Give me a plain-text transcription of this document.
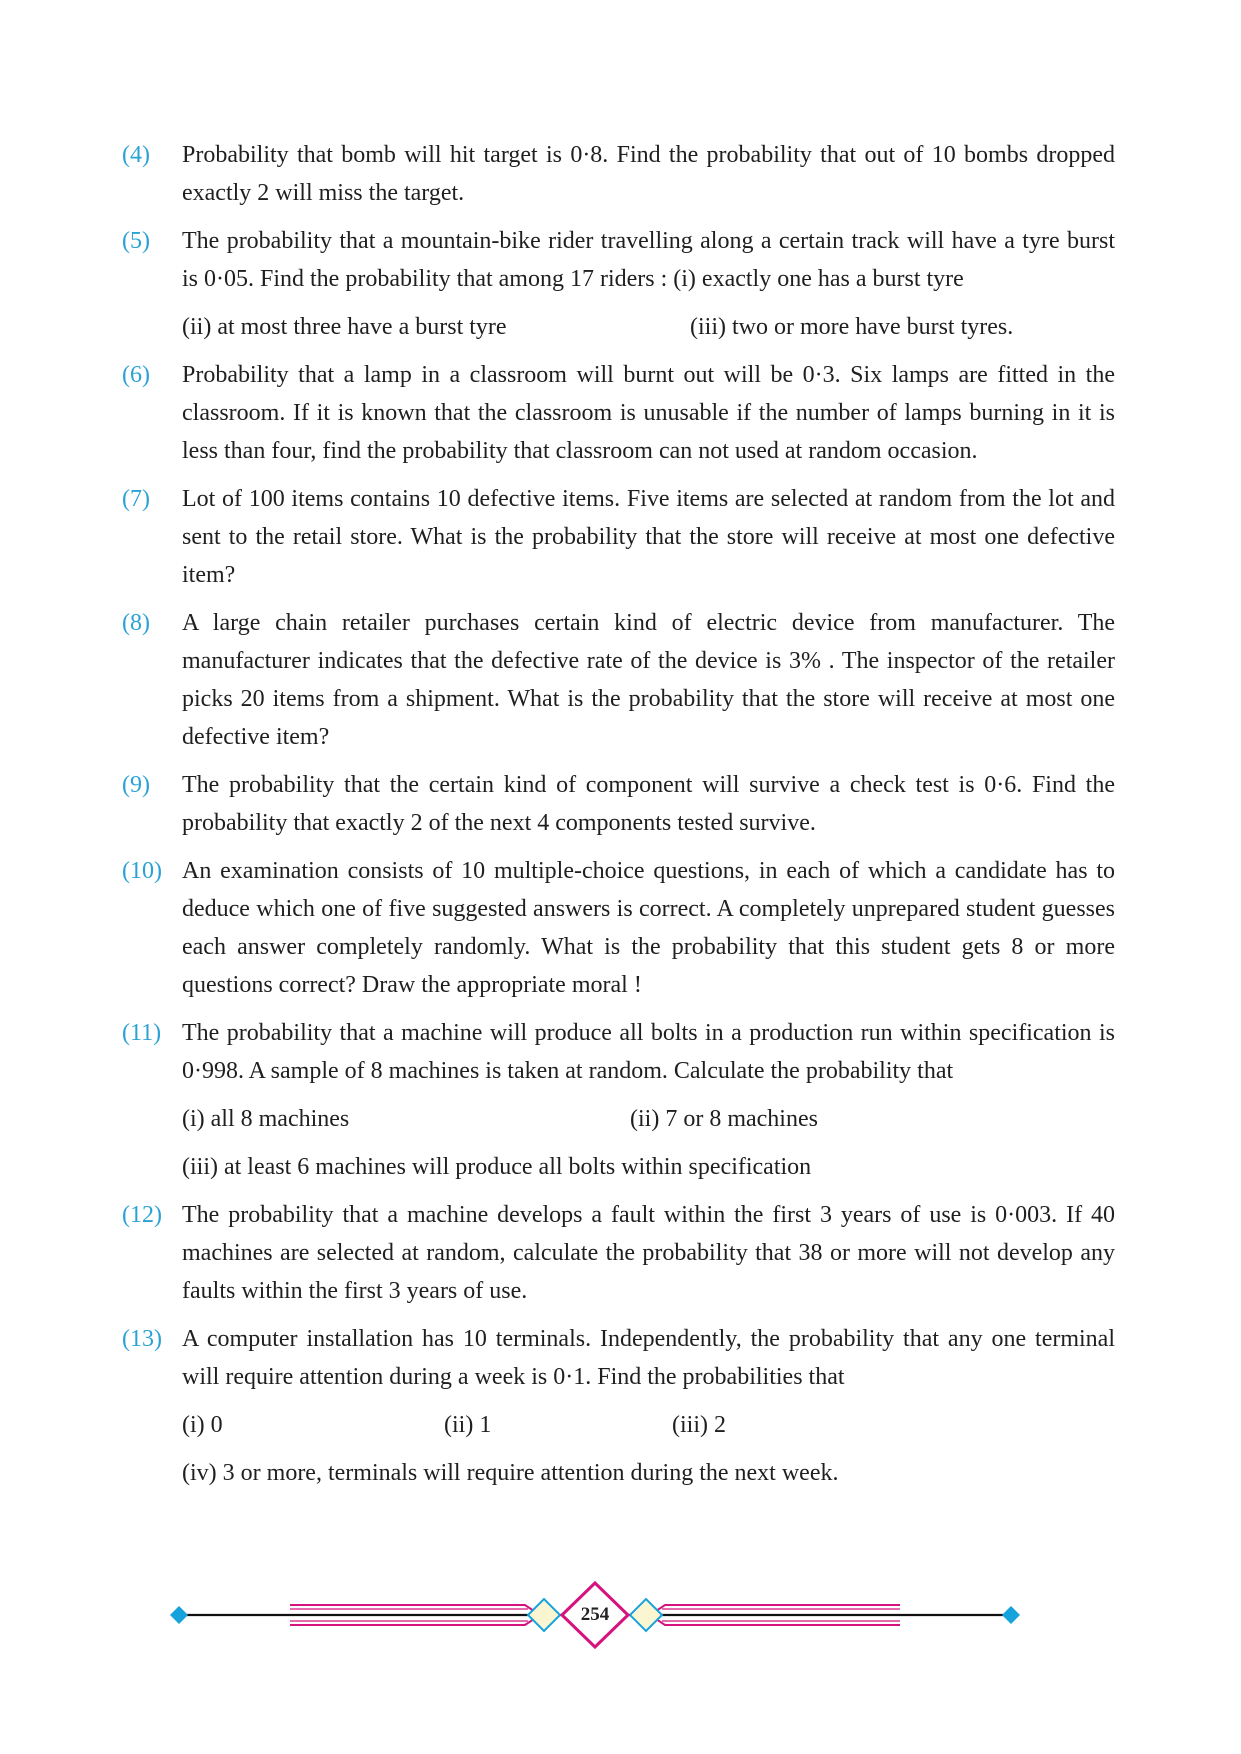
(4) Probability that bomb will hit target is 0·8. Find the probability that out of 10 bombs dropped exactly 2 will miss the target.

(5) The probability that a mountain-bike rider travelling along a certain track will have a tyre burst is 0·05. Find the probability that among 17 riders : (i) exactly one has a burst tyre

(ii) at most three have a burst tyre	(iii) two or more have burst tyres.
(6) Probability that a lamp in a classroom will burnt out will be 0·3. Six lamps are fitted in the classroom. If it is known that the classroom is unusable if the number of lamps burning in it is less than four, find the probability that classroom can not used at random occasion.

(7) Lot of 100 items contains 10 defective items. Five items are selected at random from the lot and sent to the retail store. What is the probability that the store will receive at most one defective item?

(8) A large chain retailer purchases certain kind of electric device from manufacturer. The manufacturer indicates that the defective rate of the device is 3% . The inspector of the retailer picks 20 items from a shipment. What is the probability that the store will receive at most one defective item?

(9) The probability that the certain kind of component will survive a check test is 0·6. Find the probability that exactly 2 of the next 4 components tested survive.

(10) An examination consists of 10 multiple-choice questions, in each of which a candidate has to deduce which one of five suggested answers is correct. A completely unprepared student guesses each answer completely randomly. What is the probability that this student gets 8 or more questions correct? Draw the appropriate moral !

(11) The probability that a machine will produce all bolts in a production run within specification is 0·998. A sample of 8 machines is taken at random. Calculate the probability that

(i) all 8 machines	(ii) 7 or 8 machines
(iii) at least 6 machines will produce all bolts within specification
(12) The probability that a machine develops a fault within the first 3 years of use is 0·003. If 40 machines are selected at random, calculate the probability that 38 or more will not develop any faults within the first 3 years of use.

(13) A computer installation has 10 terminals. Independently, the probability that any one terminal will require attention during a week is 0·1. Find the probabilities that

(i) 0	(ii) 1	(iii) 2
(iv) 3 or more, terminals will require attention during the next week.
254
